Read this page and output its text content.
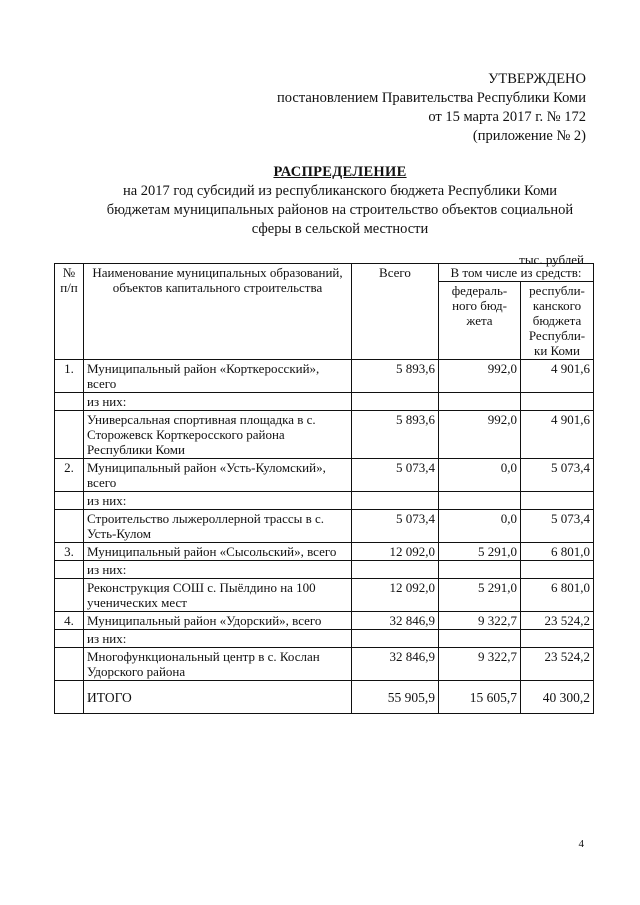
УТВЕРЖДЕНО
постановлением Правительства Республики Коми
от 15 марта 2017 г. № 172
(приложение № 2)
РАСПРЕДЕЛЕНИЕ
на 2017 год субсидий из республиканского бюджета Республики Коми
бюджетам муниципальных районов на строительство объектов социальной
сферы в сельской местности
тыс. рублей
№ п/п	Наименование муниципальных образований, объектов капитального строительства	Всего	В том числе из средств:	
			федераль-ного бюд-жета	республи-канского бюджета Республи-ки Коми
1.	Муниципальный район «Корткеросский», всего	5 893,6	992,0	4 901,6
	из них:			
	Универсальная спортивная площадка в с. Сторожевск Корткеросского района Республики Коми	5 893,6	992,0	4 901,6
2.	Муниципальный район «Усть-Куломский», всего	5 073,4	0,0	5 073,4
	из них:			
	Строительство лыжероллерной трассы в с. Усть-Кулом	5 073,4	0,0	5 073,4
3.	Муниципальный район «Сысольский», всего	12 092,0	5 291,0	6 801,0
	из них:			
	Реконструкция СОШ с. Пыёлдино на 100 ученических мест	12 092,0	5 291,0	6 801,0
4.	Муниципальный район «Удорский», всего	32 846,9	9 322,7	23 524,2
	из них:			
	Многофункциональный центр в с. Кослан Удорского района	32 846,9	9 322,7	23 524,2
	ИТОГО	55 905,9	15 605,7	40 300,2
4
